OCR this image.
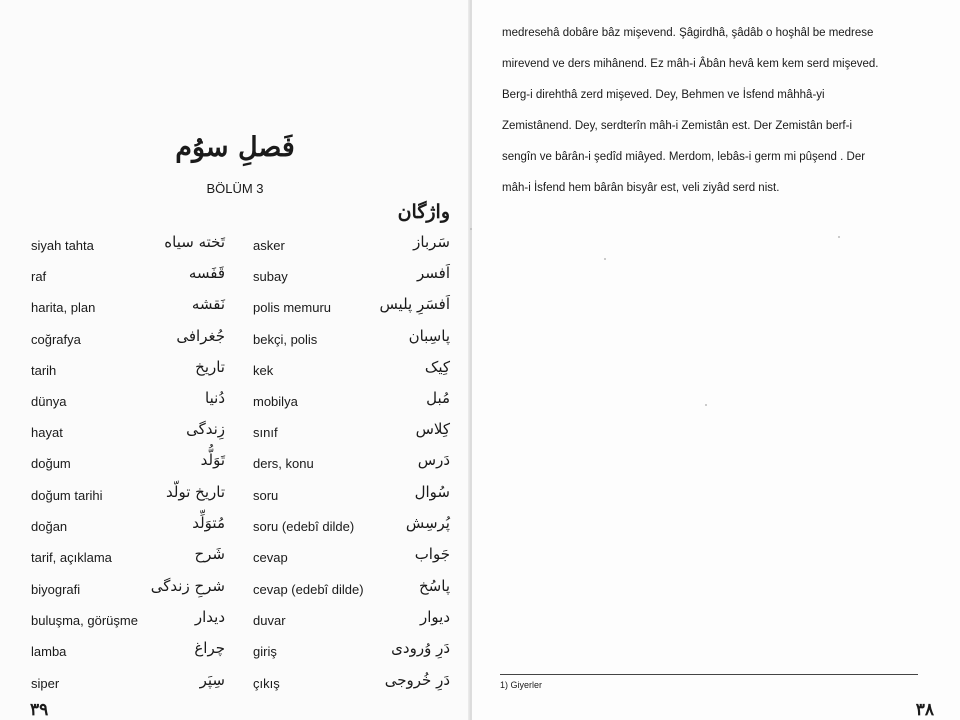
فَصلِ سوُم
BÖLÜM 3
واژگان
siyah tahta	تَخته سیاه asker	سَرباز
raf	قَفَسه subay	اَفسر
harita, plan	نَقشه polis memuru	اَفسَرِ پلیس
coğrafya	جُغرافی bekçi, polis	پاسِبان
tarih	تاریخ kek	کِیک
dünya	دُنیا mobilya	مُبل
hayat	زِندگی sınıf	کِلاس
doğum	تَوَلُّد ders, konu	دَرس
doğum tarihi	تاریخ تولّد soru	سُوال
doğan	مُتوَلِّد soru (edebî dilde)	پُرسِش
tarif, açıklama	شَرح cevap	جَواب
biyografi	شرحِ زندگی cevap (edebî dilde)	پاسُخ
buluşma, görüşme	دیدار duvar	دیوار
lamba	چراغ giriş	دَرِ وُرودی
siper	سِپَر çıkış	دَرِ خُروجی
۳۹
medresehâ dobâre bâz mişevend. Şâgirdhâ, şâdâb o hoşhâl be medrese
mirevend ve ders mihânend. Ez mâh-i Âbân hevâ kem kem serd mişeved.
Berg-i direhthâ zerd mişeved. Dey, Behmen ve İsfend mâhhâ-yi
Zemistânend. Dey, serdterîn mâh-i Zemistân est. Der Zemistân berf-i
sengîn ve bârân-i şedîd miâyed. Merdom, lebâs-i germ mi pûşend . Der
mâh-i İsfend hem bârân bisyâr est, veli ziyâd serd nist.
1) Giyerler
۳۸
